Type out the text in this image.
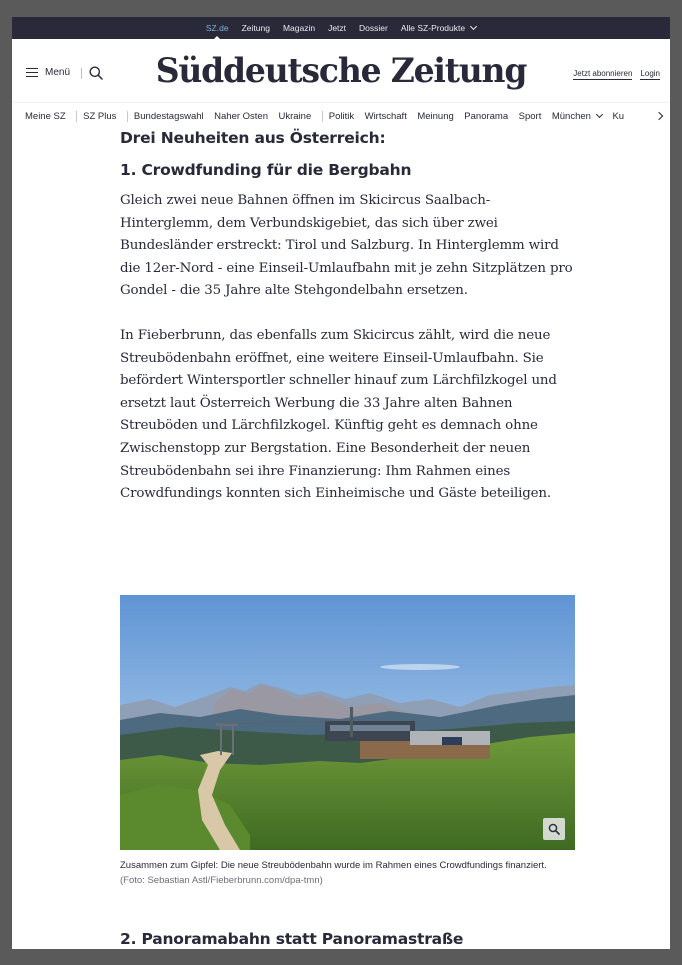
SZ.de	Zeitung	Magazin	Jetzt	Dossier	Alle SZ-Produkte
Menü	Süddeutsche Zeitung	Jetzt abonnieren Login
Meine SZ SZ Plus Bundestagswahl Naher Osten Ukraine Politik Wirtschaft Meinung Panorama Sport München Ku
Drei Neuheiten aus Österreich:
1. Crowdfunding für die Bergbahn

Gleich zwei neue Bahnen öffnen im Skicircus Saalbach-Hinterglemm, dem Verbundskigebiet, das sich über zwei Bundesländer erstreckt: Tirol und Salzburg. In Hinterglemm wird die 12er-Nord - eine Einseil-Umlaufbahn mit je zehn Sitzplätzen pro Gondel - die 35 Jahre alte Stehgondelbahn ersetzen.

In Fieberbrunn, das ebenfalls zum Skicircus zählt, wird die neue Streubödenbahn eröffnet, eine weitere Einseil-Umlaufbahn. Sie befördert Wintersportler schneller hinauf zum Lärchfilzkogel und ersetzt laut Österreich Werbung die 33 Jahre alten Bahnen Streuböden und Lärchfilzkogel. Künftig geht es demnach ohne Zwischenstopp zur Bergstation. Eine Besonderheit der neuen Streubödenbahn sei ihre Finanzierung: Ihm Rahmen eines Crowdfundings konnten sich Einheimische und Gäste beteiligen.

Zusammen zum Gipfel: Die neue Streubödenbahn wurde im Rahmen eines Crowdfundings finanziert.
(Foto: Sebastian Astl/Fieberbrunn.com/dpa-tmn)
2. Panoramabahn statt Panoramastraße
